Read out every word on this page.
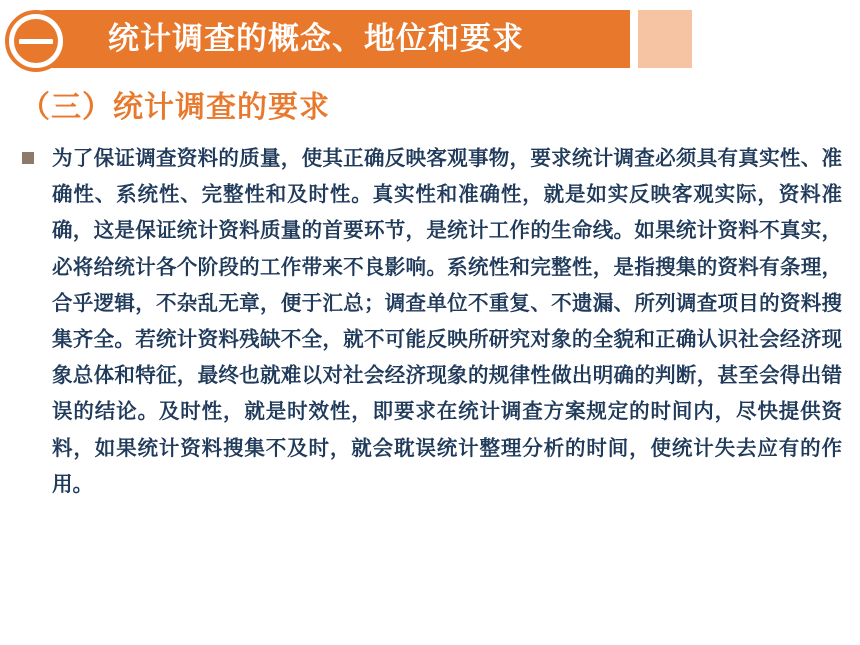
统计调查的概念、地位和要求
（三）统计调查的要求

为了保证调查资料的质量，使其正确反映客观事物，要求统计调查必须具有真实性、准确性、系统性、完整性和及时性。真实性和准确性，就是如实反映客观实际，资料准确，这是保证统计资料质量的首要环节，是统计工作的生命线。如果统计资料不真实，必将给统计各个阶段的工作带来不良影响。系统性和完整性，是指搜集的资料有条理，合乎逻辑，不杂乱无章，便于汇总；调查单位不重复、不遗漏、所列调查项目的资料搜集齐全。若统计资料残缺不全，就不可能反映所研究对象的全貌和正确认识社会经济现象总体和特征，最终也就难以对社会经济现象的规律性做出明确的判断，甚至会得出错误的结论。及时性，就是时效性，即要求在统计调查方案规定的时间内，尽快提供资料，如果统计资料搜集不及时，就会耽误统计整理分析的时间，使统计失去应有的作用。
